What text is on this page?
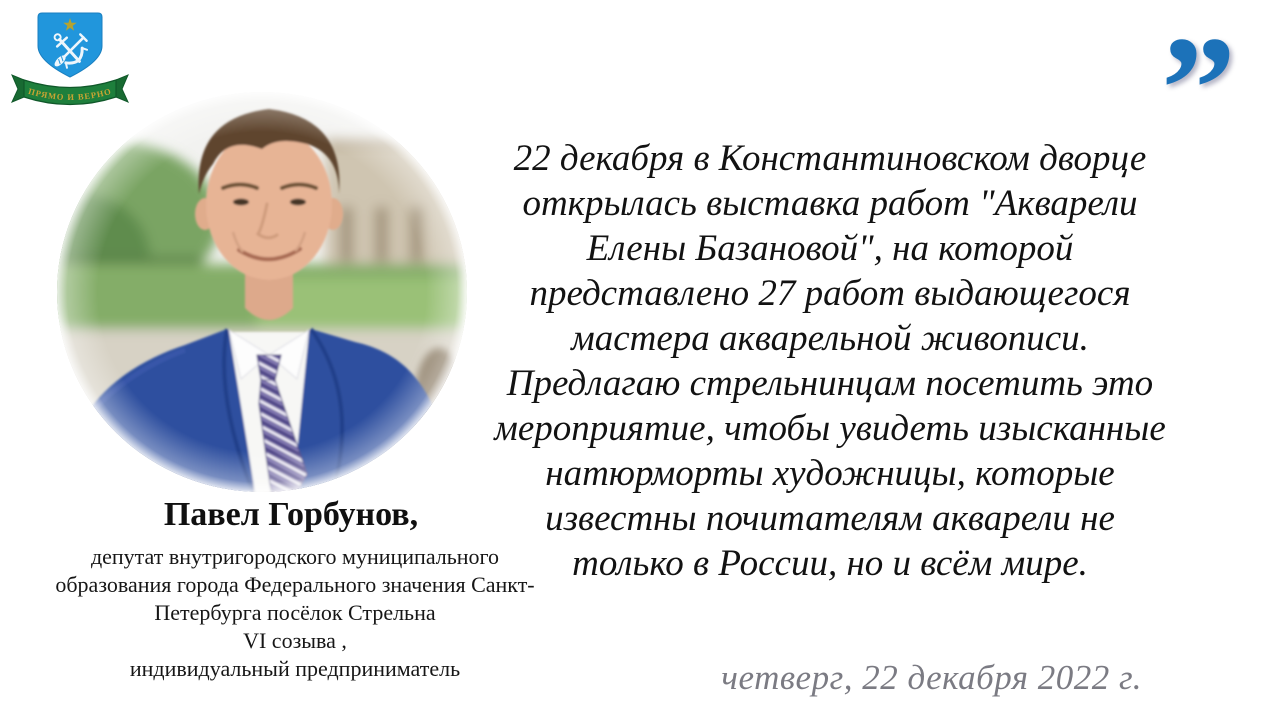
ПРЯМО И ВЕРНО	”
Павел Горбунов,
депутат внутригородского муниципального
образования города Федерального значения Санкт-
Петербурга посёлок Стрельна
VI созыва ,
индивидуальный предприниматель
22 декабря в Константиновском дворце
открылась выставка работ "Акварели
Елены Базановой", на которой
представлено 27 работ выдающегося
мастера акварельной живописи.
Предлагаю стрельнинцам посетить это
мероприятие, чтобы увидеть изысканные
натюрморты художницы, которые
известны почитателям акварели не
только в России, но и всём мире.
четверг, 22 декабря 2022 г.
